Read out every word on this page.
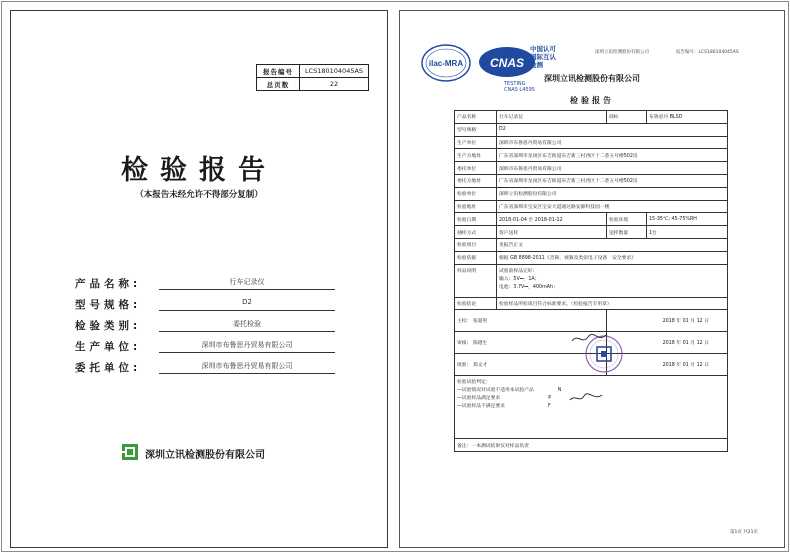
报告编号	LCS180104045AS
总页数	22
检验报告
（本报告未经允许不得部分复制）
产品名称:	行车记录仪
型号规格:	D2
检验类别:	委托检验
生产单位:	深圳市布鲁思丹贸易有限公司
委托单位:	深圳市布鲁思丹贸易有限公司
深圳立讯检测股份有限公司
ilac-MRA CNAS
中国认可
国际互认
检测
TESTING
CNAS L4595
深圳立讯检测股份有限公司	报告编号：LCS180104045AS
深圳立讯检测股份有限公司
检验报告
产品名称	行车记录仪	商标	布鲁思丹 BLSD
型号规格	D2		
生产单位	深圳市布鲁思丹贸易有限公司		
生产方地址	广东省深圳市龙岗区布吉街道布吉新三村西区十二巷五号楼502房		
委托单位	深圳市布鲁思丹贸易有限公司		
委托方地址	广东省深圳市龙岗区布吉街道布吉新三村西区十二巷五号楼502房		
检验单位	深圳立讯检测股份有限公司		
检验地址	广东省深圳市宝安区宝安大道通达路安源科技园一楼		
检验日期	2018-01-04 至 2018-01-12	检验环境	15-35℃; 45-75%RH
抽样方式	客户送样	送样数量	1台
检验项目	见报告正文		
检验依据	根据 GB 8898-2011《音频、视频及类似电子设备　安全要求》		
样品说明	试验前样品完好：
输入：5V⎓，1A；
电池：3.7V⎓，400mAh；		

检验结论	检验样品所检项目符合标准要求。（检验报告专用章）		
主检： 张超男		2018 年 01 月 12 日	
审核： 陈德生		2018 年 01 月 12 日	
批准： 郑文才		2018 年 01 月 12 日	

检验试验判定：
—试验情况对试验不适用本试验产品 N
—试验样品满足要求 P
—试验样品不满足要求 F			

备注：一本测试结果仅对样品负责			
第1页 共21页
